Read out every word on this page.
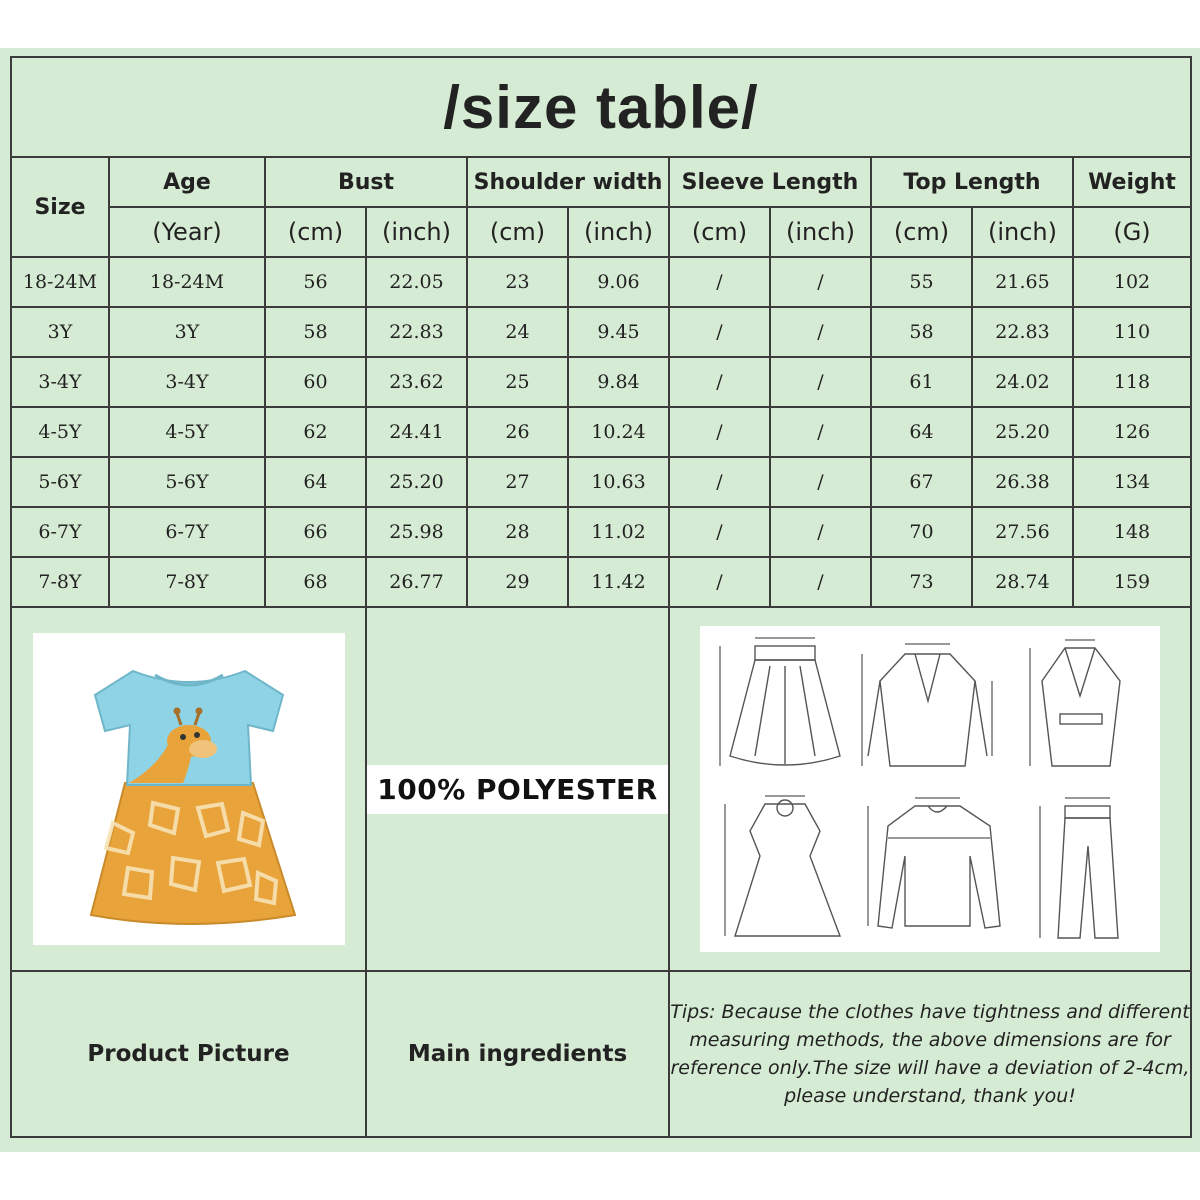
/size table/										
Size	Age	Bust		Shoulder width		Sleeve Length		Top Length		Weight
	(Year)	(cm)	(inch)	(cm)	(inch)	(cm)	(inch)	(cm)	(inch)	(G)
18-24M	18-24M	56	22.05	23	9.06	/	/	55	21.65	102
3Y	3Y	58	22.83	24	9.45	/	/	58	22.83	110
3-4Y	3-4Y	60	23.62	25	9.84	/	/	61	24.02	118
4-5Y	4-5Y	62	24.41	26	10.24	/	/	64	25.20	126
5-6Y	5-6Y	64	25.20	27	10.63	/	/	67	26.38	134
6-7Y	6-7Y	66	25.98	28	11.02	/	/	70	27.56	148
7-8Y	7-8Y	68	26.77	29	11.42	/	/	73	28.74	159

	100% POLYESTER	

Product Picture			Main ingredients			Tips: Because the clothes have tightness and different measuring methods, the above dimensions are for reference only.The size will have a deviation of 2-4cm, please understand, thank you!				
